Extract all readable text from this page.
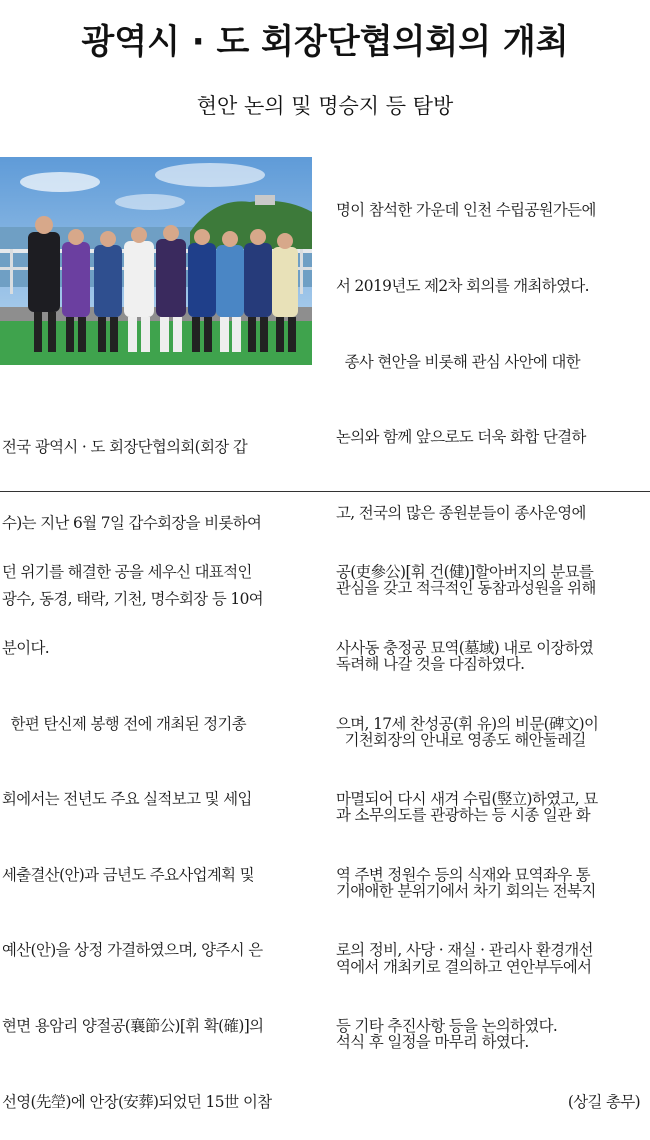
광역시 · 도 회장단협의회의 개최
현안 논의 및 명승지 등 탐방

전국 광역시 · 도 회장단협의회(회장 갑

수)는 지난 6월 7일 갑수회장을 비롯하여

광수, 동경, 태락, 기천, 명수회장 등 10여

명이 참석한 가운데 인천 수립공원가든에

서 2019년도 제2차 회의를 개최하였다.

종사 현안을 비롯해 관심 사안에 대한

논의와 함께 앞으로도 더욱 화합 단결하

고, 전국의 많은 종원분들이 종사운영에

관심을 갖고 적극적인 동참과성원을 위해

독려해 나갈 것을 다짐하였다.

기천회장의 안내로 영종도 해안둘레길

과 소무의도를 관광하는 등 시종 일관 화

기애애한 분위기에서 차기 회의는 전북지

역에서 개최키로 결의하고 연안부두에서

석식 후 일정을 마무리 하였다.

던 위기를 해결한 공을 세우신 대표적인

분이다.

한편 탄신제 봉행 전에 개최된 정기총

회에서는 전년도 주요 실적보고 및 세입

세출결산(안)과 금년도 주요사업계획 및

예산(안)을 상정 가결하였으며, 양주시 은

현면 용암리 양절공(襄節公)[휘 확(確)]의

선영(先塋)에 안장(安葬)되었던 15世 이참

공(吏參公)[휘 건(健)]할아버지의 분묘를

사사동 충정공 묘역(墓域) 내로 이장하였

으며, 17세 찬성공(휘 유)의 비문(碑文)이

마멸되어 다시 새겨 수립(竪立)하였고, 묘

역 주변 정원수 등의 식재와 묘역좌우 통

로의 정비, 사당 · 재실 · 관리사 환경개선

등 기타 추진사항 등을 논의하였다.

(상길 총무)
